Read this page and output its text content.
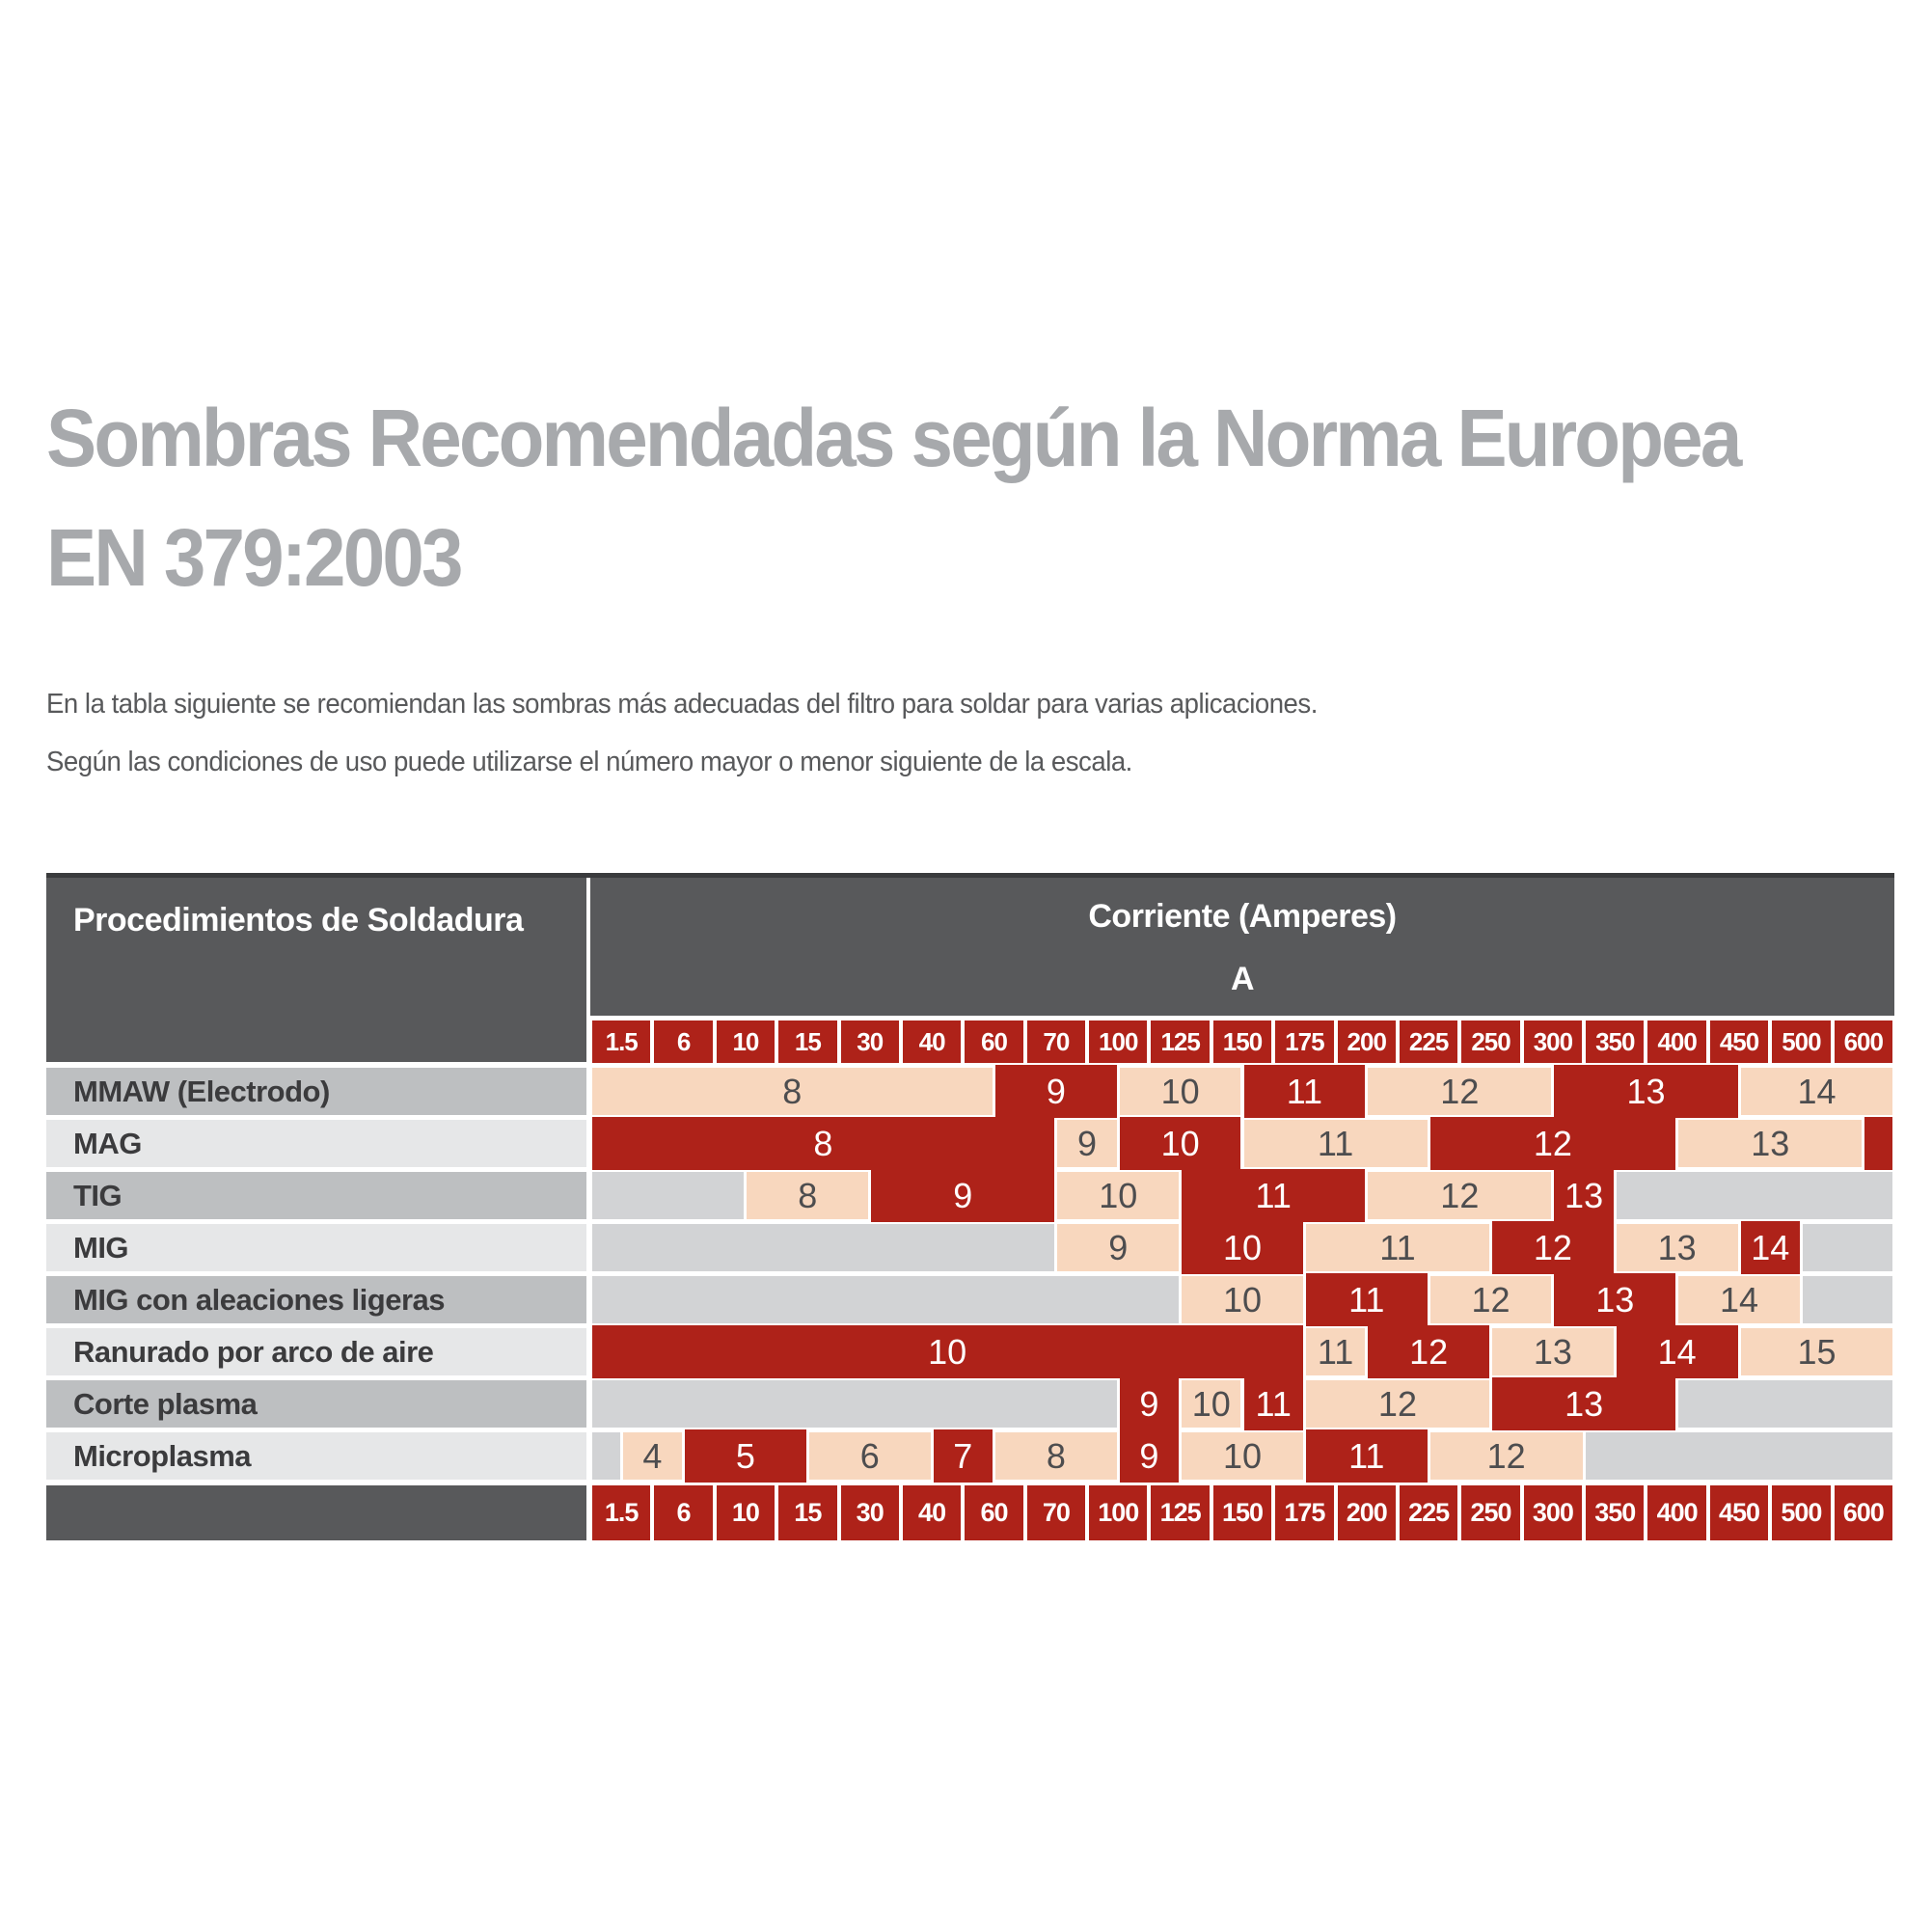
Sombras Recomendadas según la Norma Europea
EN 379:2003
En la tabla siguiente se recomiendan las sombras más adecuadas del filtro para soldar para varias aplicaciones.
Según las condiciones de uso puede utilizarse el número mayor o menor siguiente de la escala.
Procedimientos de Soldadura	Corriente (Amperes)
A
1.5	6	10	15	30	40	60	70	100 125 150 175 200 225 250 300 350 400 450 500 600
MMAW (Electrodo)	8	9	10	11	12	13	14
MAG	8	9	10	11	12	13
TIG	8	9	10	11	12	13
MIG	9	10	11	12	13	14
MIG con aleaciones ligeras	10	11	12	13	14
Ranurado por arco de aire	10	11	12	13	14	15
Corte plasma	9 10 11	12	13
Microplasma	4	5	6	7	8	9	10	11	12
1.5	6	10	15	30	40	60	70	100 125 150 175 200 225 250 300 350 400 450 500 600
